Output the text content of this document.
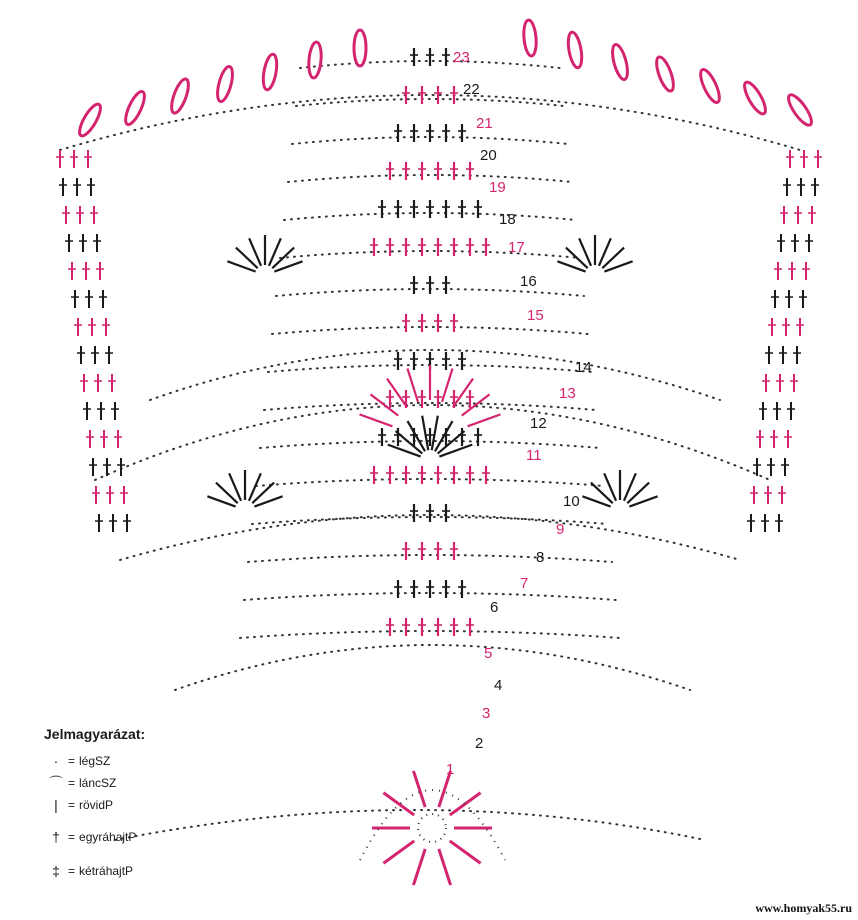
1
2
3
4
5
6
7
8
9
10
11
12
13
14
15
16
17
18
19
20
21
22
23
Jelmagyarázat:
· = légSZ
⌒ = láncSZ
| = rövidP
† = egyráhajtP
‡ = kétráhajtP
www.homyak55.ru
